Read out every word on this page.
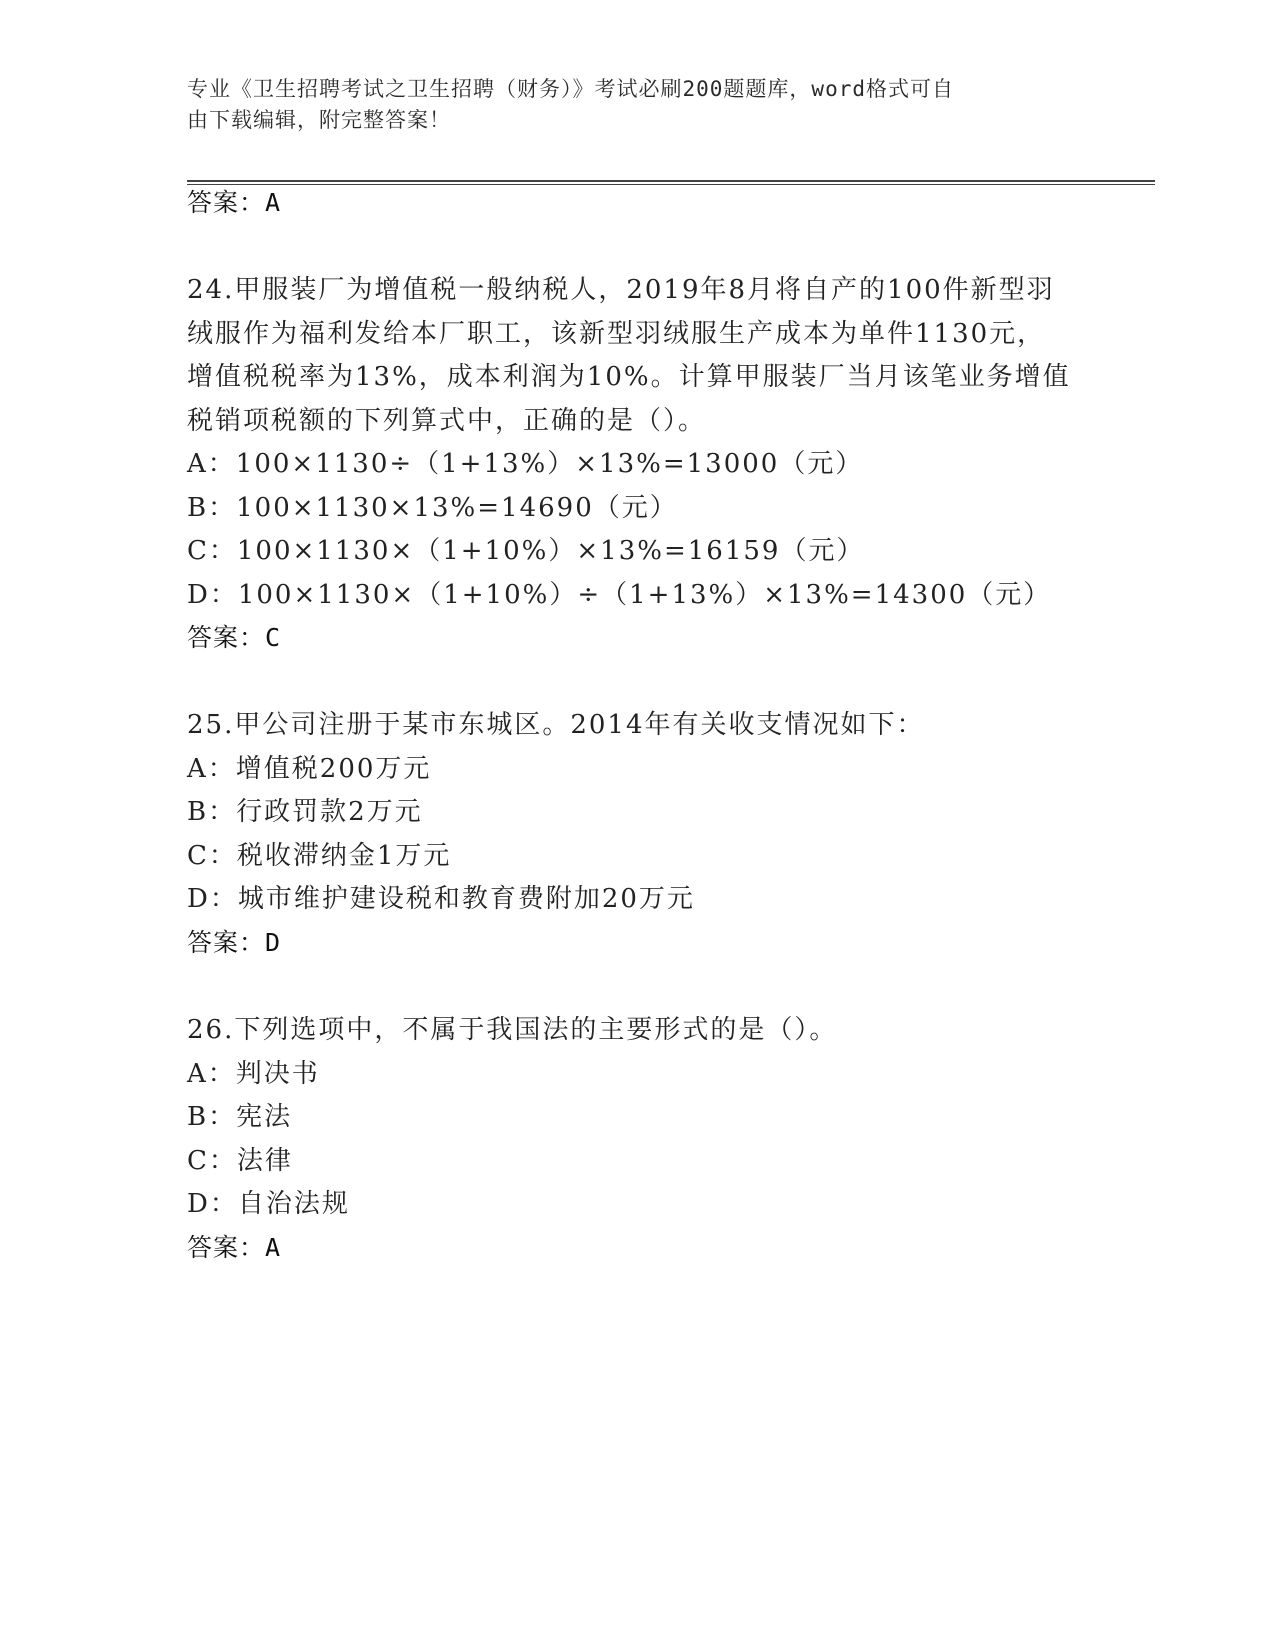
专业《卫生招聘考试之卫生招聘（财务）》考试必刷200题题库，word格式可自
由下载编辑，附完整答案！
答案：A
24.甲服装厂为增值税一般纳税人，2019年8月将自产的100件新型羽
绒服作为福利发给本厂职工，该新型羽绒服生产成本为单件1130元，
增值税税率为13%，成本利润为10%。计算甲服装厂当月该笔业务增值
税销项税额的下列算式中，正确的是（）。
A：100×1130÷（1+13%）×13%=13000（元）
B：100×1130×13%=14690（元）
C：100×1130×（1+10%）×13%=16159（元）
D：100×1130×（1+10%）÷（1+13%）×13%=14300（元）
答案：C
25.甲公司注册于某市东城区。2014年有关收支情况如下：
A：增值税200万元
B：行政罚款2万元
C：税收滞纳金1万元
D：城市维护建设税和教育费附加20万元
答案：D
26.下列选项中，不属于我国法的主要形式的是（）。
A：判决书
B：宪法
C：法律
D：自治法规
答案：A
